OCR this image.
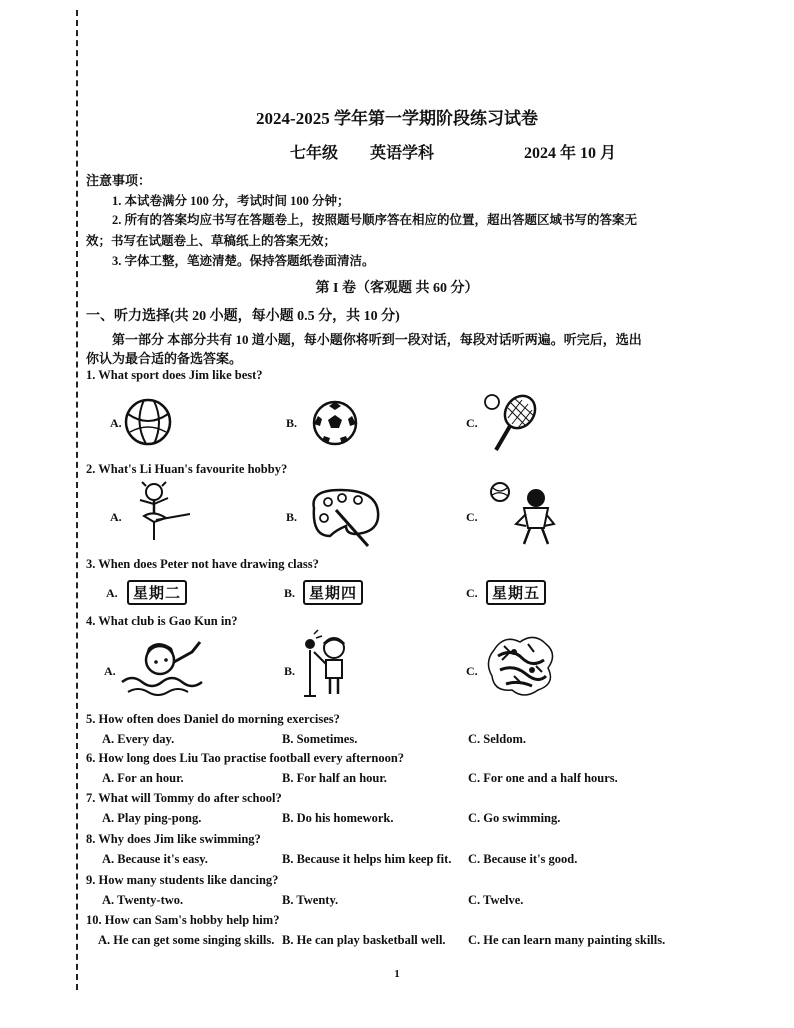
2024-2025 学年第一学期阶段练习试卷
七年级 英语学科	2024 年 10 月
注意事项：
1. 本试卷满分 100 分，考试时间 100 分钟；
2. 所有的答案均应书写在答题卷上，按照题号顺序答在相应的位置，超出答题区域书写的答案无
效；书写在试题卷上、草稿纸上的答案无效；
3. 字体工整，笔迹清楚。保持答题纸卷面清洁。
第 I 卷（客观题 共 60 分）
一、听力选择(共 20 小题，每小题 0.5 分，共 10 分)
第一部分 本部分共有 10 道小题，每小题你将听到一段对话，每段对话听两遍。听完后，选出
你认为最合适的备选答案。
1. What sport does Jim like best?
A.	B.	C.
2. What's Li Huan's favourite hobby?
A.	B.	C.
3. When does Peter not have drawing class?
A.	星期二	B. 星期四	C. 星期五
4. What club is Gao Kun in?
A.	B.	C.
5. How often does Daniel do morning exercises?
A. Every day.	B. Sometimes.	C. Seldom.
6. How long does Liu Tao practise football every afternoon?
A. For an hour.	B. For half an hour.	C. For one and a half hours.
7. What will Tommy do after school?
A. Play ping-pong.	B. Do his homework.	C. Go swimming.
8. Why does Jim like swimming?
A. Because it's easy.	B. Because it helps him keep fit. C. Because it's good.
9. How many students like dancing?
A. Twenty-two.	B. Twenty.	C. Twelve.
10. How can Sam's hobby help him?
A. He can get some singing skills. B. He can play basketball well. C. He can learn many painting skills.
1
